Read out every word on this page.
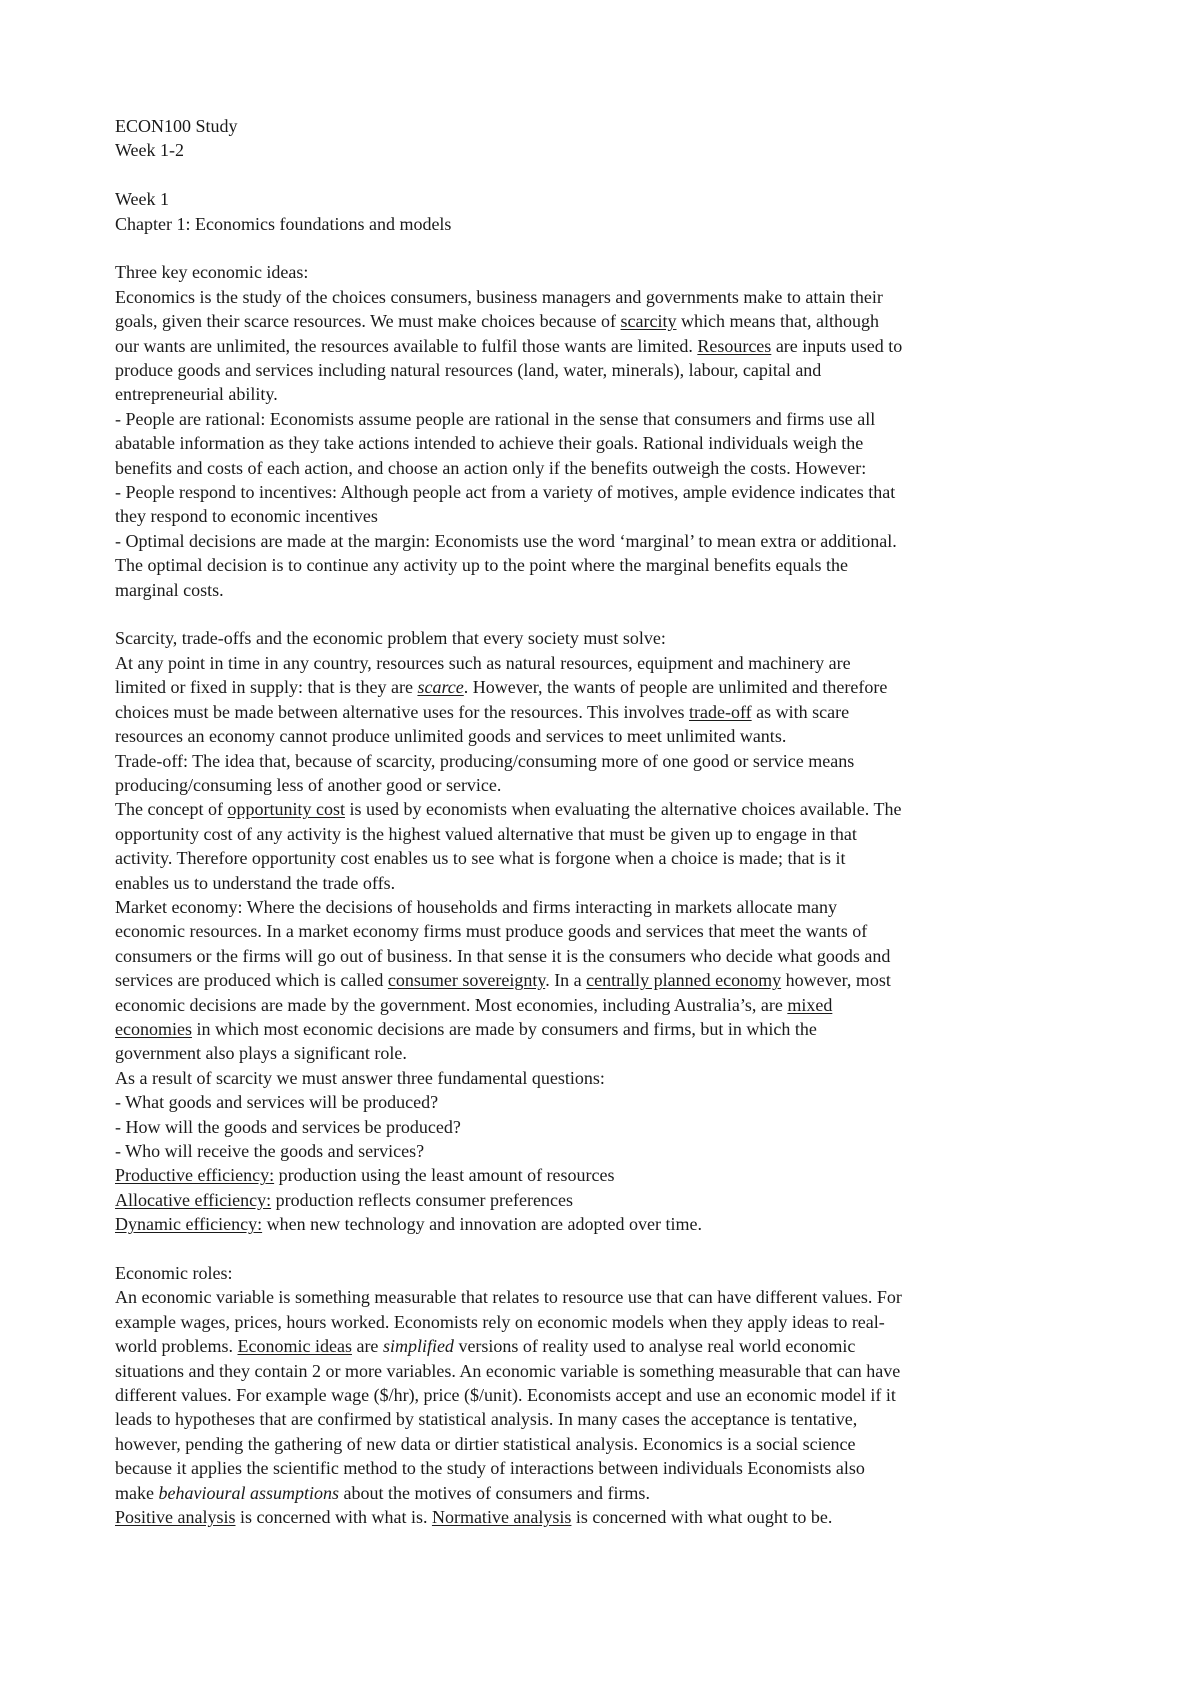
ECON100 Study
Week 1-2
Week 1
Chapter 1: Economics foundations and models
Three key economic ideas:
Economics is the study of the choices consumers, business managers and governments make to attain their
goals, given their scarce resources. We must make choices because of scarcity which means that, although
our wants are unlimited, the resources available to fulfil those wants are limited. Resources are inputs used to
produce goods and services including natural resources (land, water, minerals), labour, capital and
entrepreneurial ability.
- People are rational: Economists assume people are rational in the sense that consumers and firms use all
abatable information as they take actions intended to achieve their goals. Rational individuals weigh the
benefits and costs of each action, and choose an action only if the benefits outweigh the costs. However:
- People respond to incentives: Although people act from a variety of motives, ample evidence indicates that
they respond to economic incentives
- Optimal decisions are made at the margin: Economists use the word ‘marginal’ to mean extra or additional.
The optimal decision is to continue any activity up to the point where the marginal benefits equals the
marginal costs.
Scarcity, trade-offs and the economic problem that every society must solve:
At any point in time in any country, resources such as natural resources, equipment and machinery are
limited or fixed in supply: that is they are scarce. However, the wants of people are unlimited and therefore
choices must be made between alternative uses for the resources. This involves trade-off as with scare
resources an economy cannot produce unlimited goods and services to meet unlimited wants.
Trade-off: The idea that, because of scarcity, producing/consuming more of one good or service means
producing/consuming less of another good or service.
The concept of opportunity cost is used by economists when evaluating the alternative choices available. The
opportunity cost of any activity is the highest valued alternative that must be given up to engage in that
activity. Therefore opportunity cost enables us to see what is forgone when a choice is made; that is it
enables us to understand the trade offs.
Market economy: Where the decisions of households and firms interacting in markets allocate many
economic resources. In a market economy firms must produce goods and services that meet the wants of
consumers or the firms will go out of business. In that sense it is the consumers who decide what goods and
services are produced which is called consumer sovereignty. In a centrally planned economy however, most
economic decisions are made by the government. Most economies, including Australia’s, are mixed
economies in which most economic decisions are made by consumers and firms, but in which the
government also plays a significant role.
As a result of scarcity we must answer three fundamental questions:
- What goods and services will be produced?
- How will the goods and services be produced?
- Who will receive the goods and services?
Productive efficiency: production using the least amount of resources
Allocative efficiency: production reflects consumer preferences
Dynamic efficiency: when new technology and innovation are adopted over time.
Economic roles:
An economic variable is something measurable that relates to resource use that can have different values. For
example wages, prices, hours worked. Economists rely on economic models when they apply ideas to real-
world problems. Economic ideas are simplified versions of reality used to analyse real world economic
situations and they contain 2 or more variables. An economic variable is something measurable that can have
different values. For example wage ($/hr), price ($/unit). Economists accept and use an economic model if it
leads to hypotheses that are confirmed by statistical analysis. In many cases the acceptance is tentative,
however, pending the gathering of new data or dirtier statistical analysis. Economics is a social science
because it applies the scientific method to the study of interactions between individuals Economists also
make behavioural assumptions about the motives of consumers and firms.
Positive analysis is concerned with what is. Normative analysis is concerned with what ought to be.
